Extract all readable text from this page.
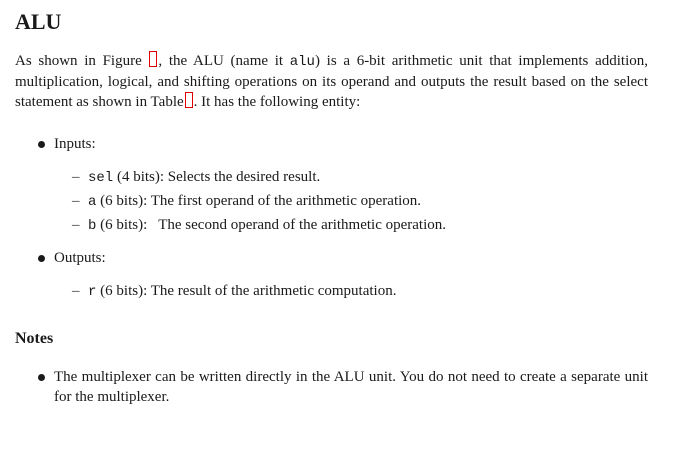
ALU

As shown in Figure , the ALU (name it alu) is a 6-bit arithmetic unit that implements addition, multiplication, logical, and shifting operations on its operand and outputs the result based on the select statement as shown in Table . It has the following entity:

Inputs:
– sel (4 bits): Selects the desired result.
– a (6 bits): The first operand of the arithmetic operation.
– b (6 bits):   The second operand of the arithmetic operation.
Outputs:
– r (6 bits): The result of the arithmetic computation.
Notes

The multiplexer can be written directly in the ALU unit. You do not need to create a separate unit for the multiplexer.
